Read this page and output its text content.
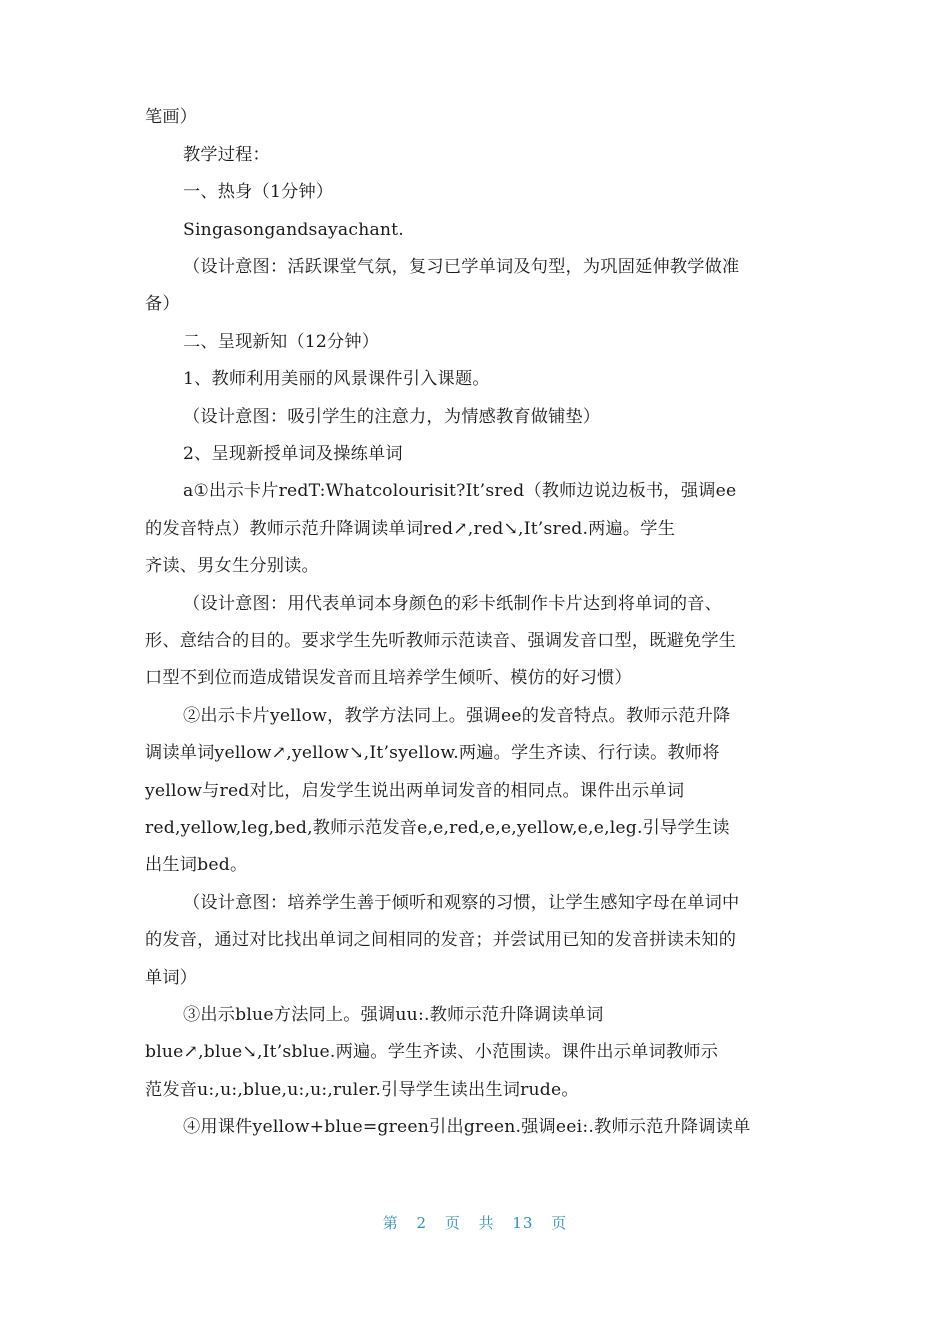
笔画）
教学过程：
一、热身（1分钟）
Singasongandsayachant.
（设计意图：活跃课堂气氛，复习已学单词及句型，为巩固延伸教学做准
备）
二、呈现新知（12分钟）
1、教师利用美丽的风景课件引入课题。
（设计意图：吸引学生的注意力，为情感教育做铺垫）
2、呈现新授单词及操练单词
a①出示卡片redT:Whatcolourisit?It’sred（教师边说边板书，强调ee
的发音特点）教师示范升降调读单词red↗,red↘,It’sred.两遍。学生
齐读、男女生分别读。
（设计意图：用代表单词本身颜色的彩卡纸制作卡片达到将单词的音、
形、意结合的目的。要求学生先听教师示范读音、强调发音口型，既避免学生
口型不到位而造成错误发音而且培养学生倾听、模仿的好习惯）
②出示卡片yellow，教学方法同上。强调ee的发音特点。教师示范升降
调读单词yellow↗,yellow↘,It’syellow.两遍。学生齐读、行行读。教师将
yellow与red对比，启发学生说出两单词发音的相同点。课件出示单词
red,yellow,leg,bed,教师示范发音e,e,red,e,e,yellow,e,e,leg.引导学生读
出生词bed。
（设计意图：培养学生善于倾听和观察的习惯，让学生感知字母在单词中
的发音，通过对比找出单词之间相同的发音；并尝试用已知的发音拼读未知的
单词）
③出示blue方法同上。强调uu:.教师示范升降调读单词
blue↗,blue↘,It’sblue.两遍。学生齐读、小范围读。课件出示单词教师示
范发音u:,u:,blue,u:,u:,ruler.引导学生读出生词rude。
④用课件yellow+blue=green引出green.强调eei:.教师示范升降调读单
第 2 页 共 13 页
